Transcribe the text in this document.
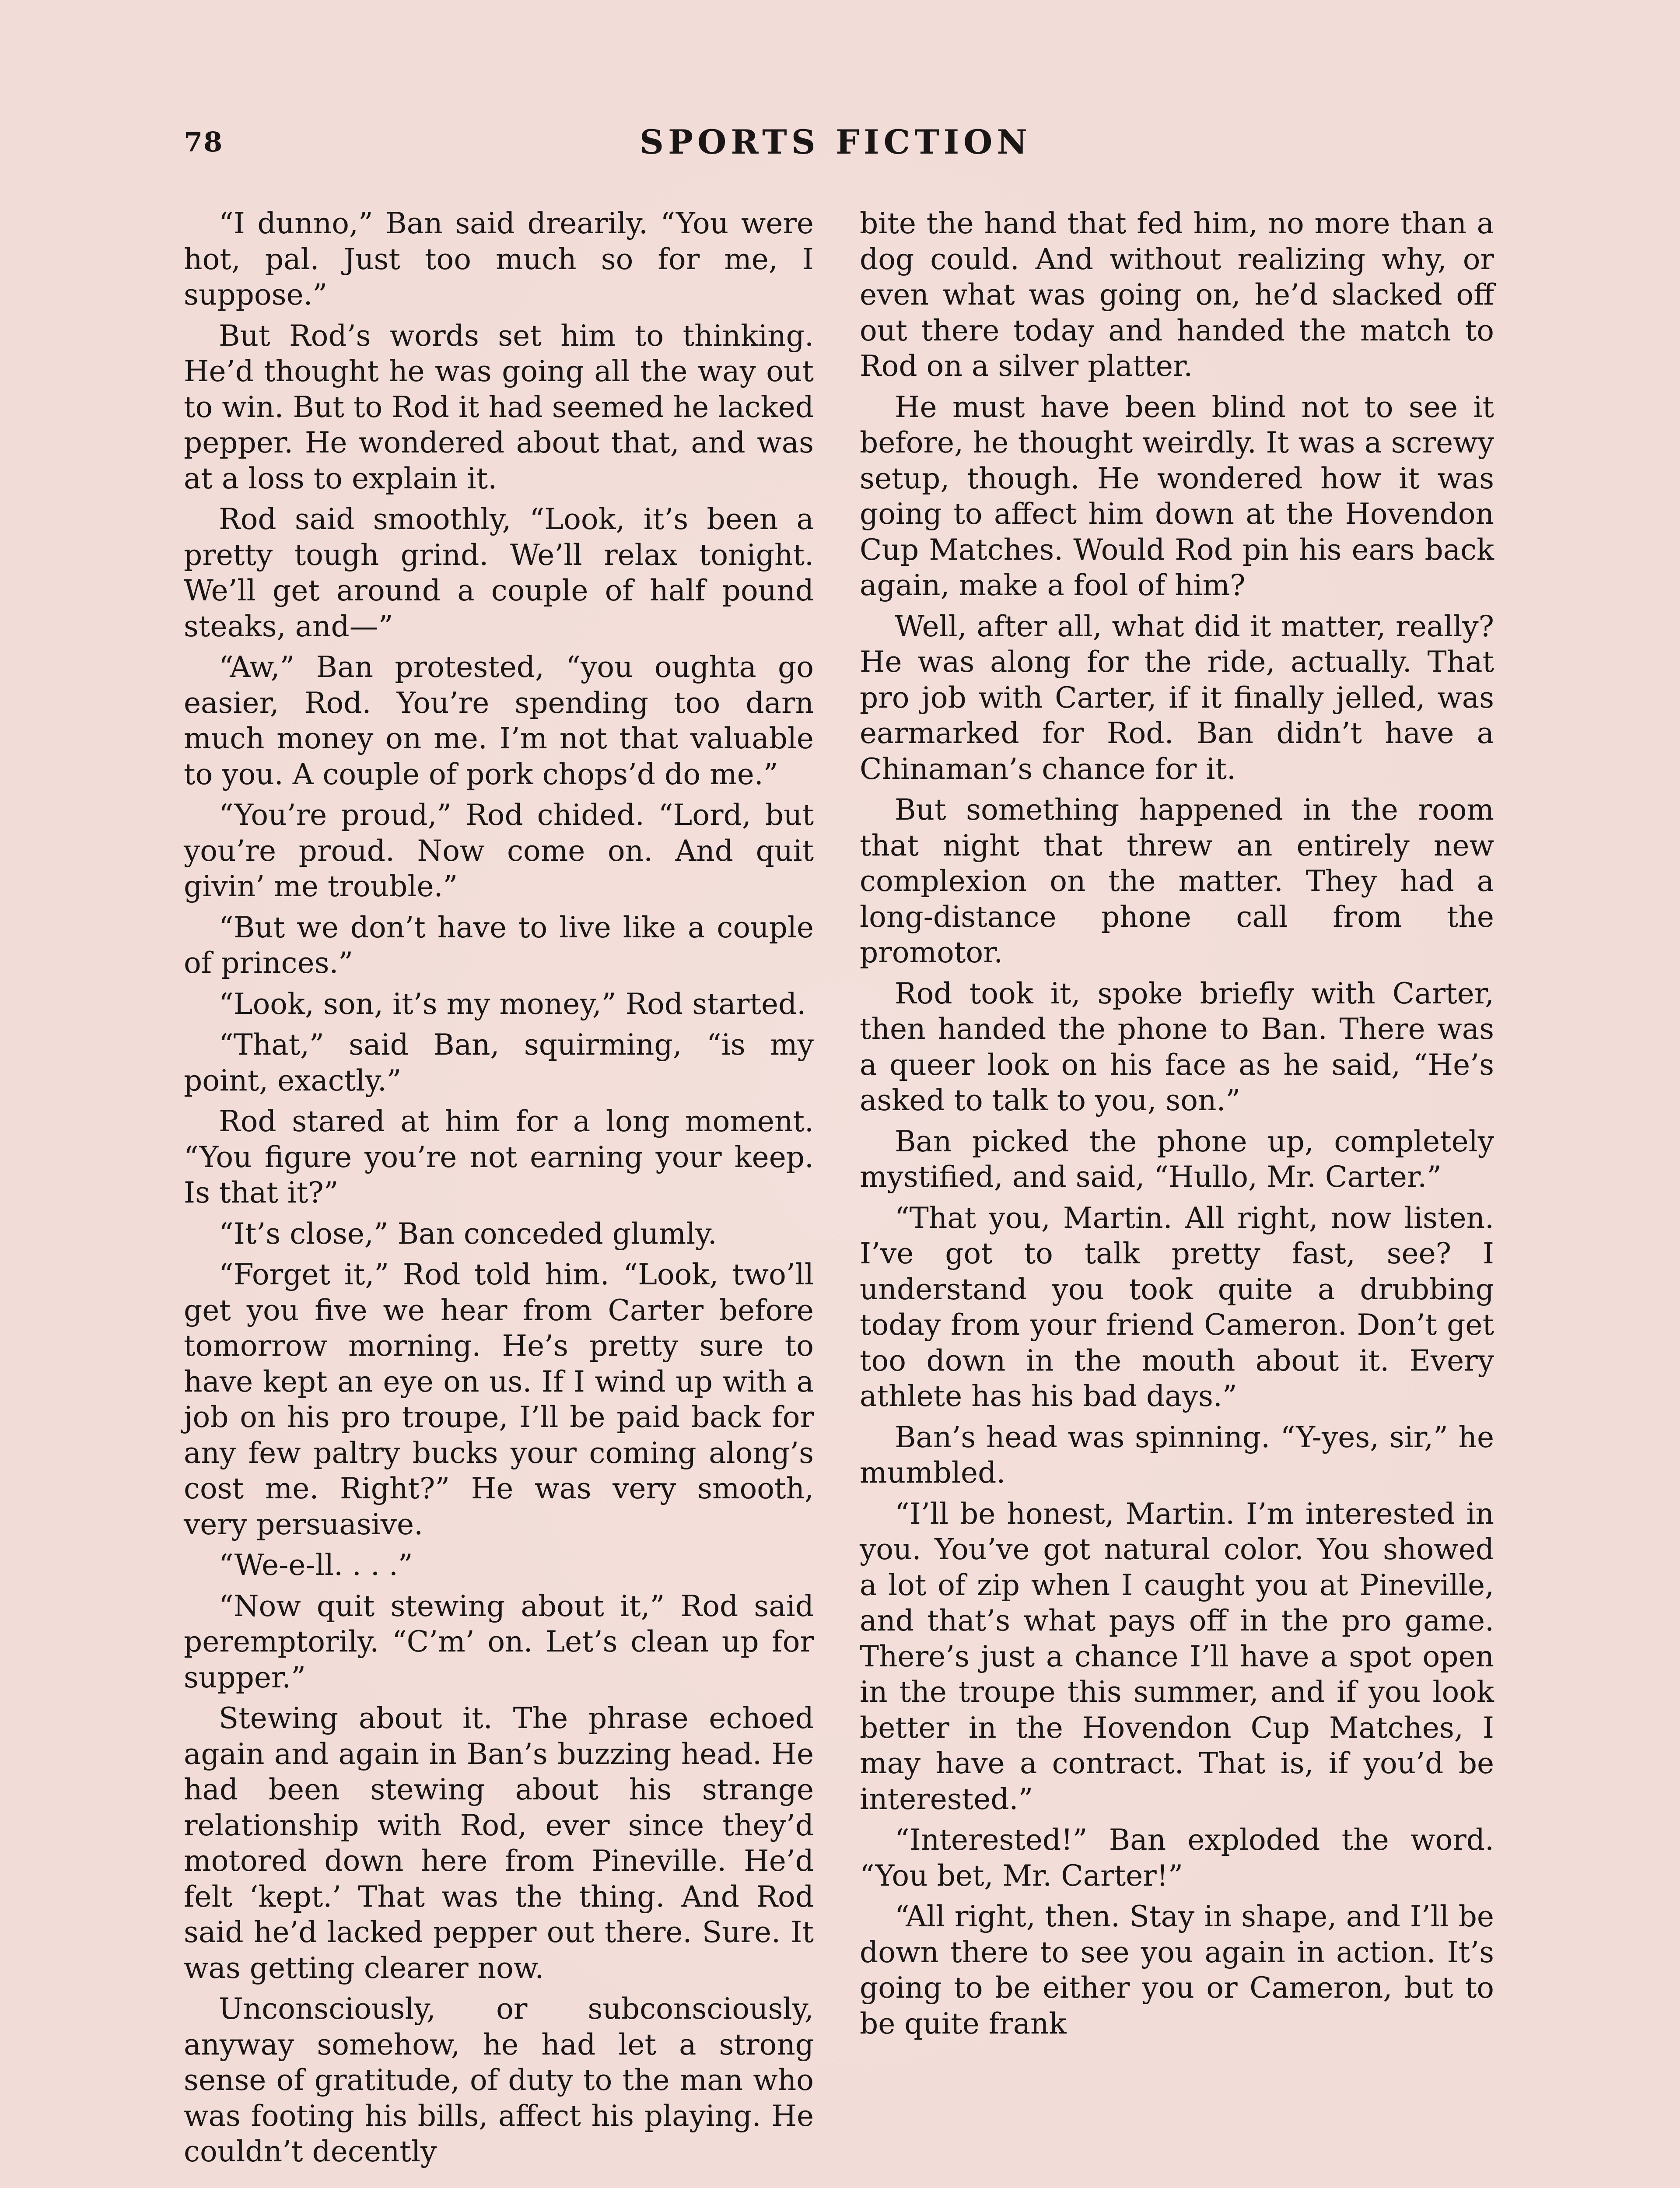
78	SPORTS FICTION

“I dunno,” Ban said drearily. “You were hot, pal. Just too much so for me, I suppose.”

But Rod’s words set him to thinking. He’d thought he was going all the way out to win. But to Rod it had seemed he lacked pepper. He wondered about that, and was at a loss to explain it.

Rod said smoothly, “Look, it’s been a pretty tough grind. We’ll relax tonight. We’ll get around a couple of half pound steaks, and—”

“Aw,” Ban protested, “you oughta go easier, Rod. You’re spending too darn much money on me. I’m not that valuable to you. A couple of pork chops’d do me.”

“You’re proud,” Rod chided. “Lord, but you’re proud. Now come on. And quit givin’ me trouble.”

“But we don’t have to live like a couple of princes.”

“Look, son, it’s my money,” Rod started.

“That,” said Ban, squirming, “is my point, exactly.”

Rod stared at him for a long moment. “You figure you’re not earning your keep. Is that it?”

“It’s close,” Ban conceded glumly.

“Forget it,” Rod told him. “Look, two’ll get you five we hear from Carter before tomorrow morning. He’s pretty sure to have kept an eye on us. If I wind up with a job on his pro troupe, I’ll be paid back for any few paltry bucks your coming along’s cost me. Right?” He was very smooth, very persuasive.

“We-e-ll. . . .”

“Now quit stewing about it,” Rod said peremptorily. “C’m’ on. Let’s clean up for supper.”

Stewing about it. The phrase echoed again and again in Ban’s buzzing head. He had been stewing about his strange relationship with Rod, ever since they’d motored down here from Pineville. He’d felt ‘kept.’ That was the thing. And Rod said he’d lacked pepper out there. Sure. It was getting clearer now.

Unconsciously, or subconsciously, anyway somehow, he had let a strong sense of gratitude, of duty to the man who was footing his bills, affect his playing. He couldn’t decently

bite the hand that fed him, no more than a dog could. And without realizing why, or even what was going on, he’d slacked off out there today and handed the match to Rod on a silver platter.

He must have been blind not to see it before, he thought weirdly. It was a screwy setup, though. He wondered how it was going to affect him down at the Hovendon Cup Matches. Would Rod pin his ears back again, make a fool of him?

Well, after all, what did it matter, really? He was along for the ride, actually. That pro job with Carter, if it finally jelled, was earmarked for Rod. Ban didn’t have a Chinaman’s chance for it.

But something happened in the room that night that threw an entirely new complexion on the matter. They had a long-distance phone call from the promotor.

Rod took it, spoke briefly with Carter, then handed the phone to Ban. There was a queer look on his face as he said, “He’s asked to talk to you, son.”

Ban picked the phone up, completely mystified, and said, “Hullo, Mr. Carter.”

“That you, Martin. All right, now listen. I’ve got to talk pretty fast, see? I understand you took quite a drubbing today from your friend Cameron. Don’t get too down in the mouth about it. Every athlete has his bad days.”

Ban’s head was spinning. “Y-yes, sir,” he mumbled.

“I’ll be honest, Martin. I’m interested in you. You’ve got natural color. You showed a lot of zip when I caught you at Pineville, and that’s what pays off in the pro game. There’s just a chance I’ll have a spot open in the troupe this summer, and if you look better in the Hovendon Cup Matches, I may have a contract. That is, if you’d be interested.”

“Interested!” Ban exploded the word. “You bet, Mr. Carter!”

“All right, then. Stay in shape, and I’ll be down there to see you again in action. It’s going to be either you or Cameron, but to be quite frank
